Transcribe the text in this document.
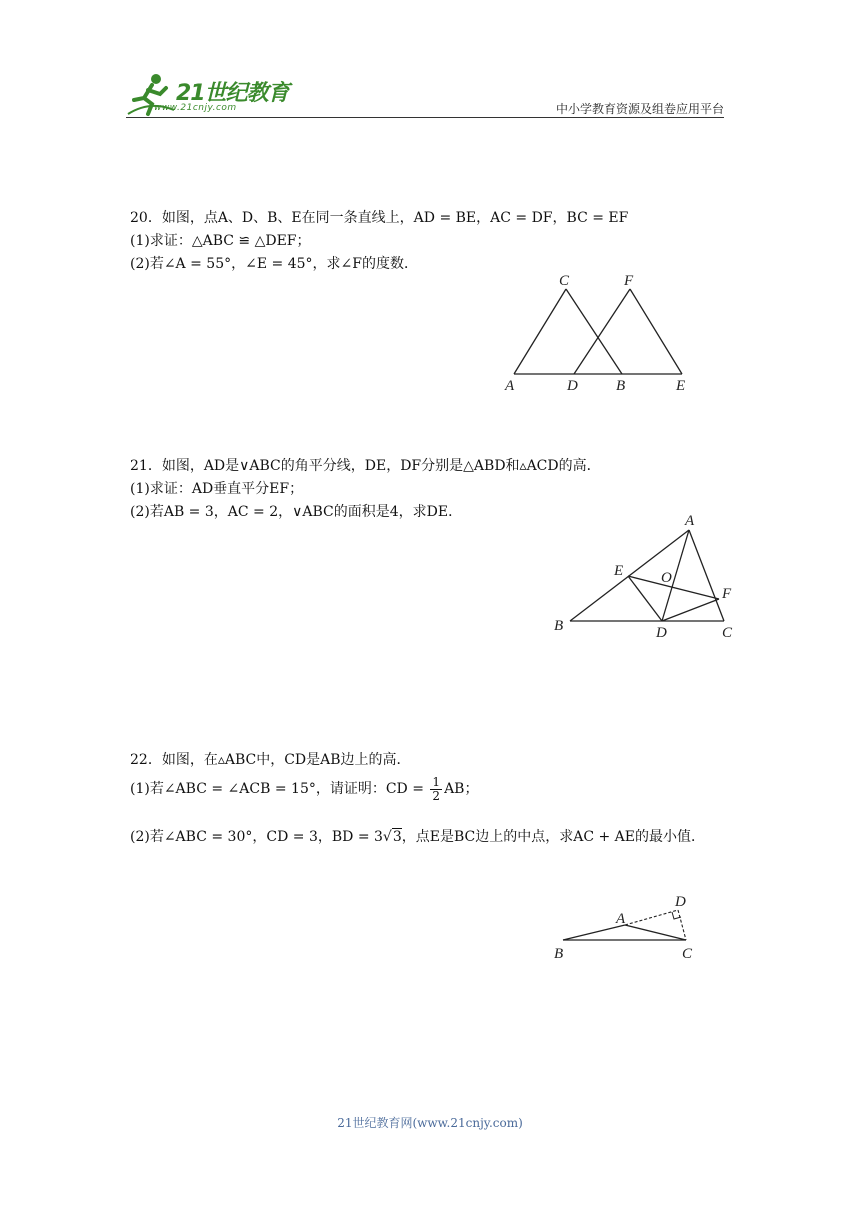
21世纪教育
www.21cnjy.com	中小学教育资源及组卷应用平台
20．如图，点A、D、B、E在同一条直线上，AD = BE，AC = DF，BC = EF
(1)求证：△ABC ≌ △DEF；
(2)若∠A = 55°，∠E = 45°，求∠F的度数．
C	F
A	D	B	E
21．如图，AD是∨ABC的角平分线，DE，DF分别是△ABD和▵ACD的高．
(1)求证：AD垂直平分EF；
(2)若AB = 3，AC = 2，∨ABC的面积是4，求DE．
A
E	O
F
B	D	C
22．如图，在▵ABC中，CD是AB边上的高．
(1)若∠ABC = ∠ACB = 15°，请证明：CD = $\frac{1}{2}$ AB；
(2)若∠ABC = 30°，CD = 3，BD = 3√3，点E是BC边上的中点，求AC + AE的最小值．
D
A
B	C
21世纪教育网(www.21cnjy.com)
